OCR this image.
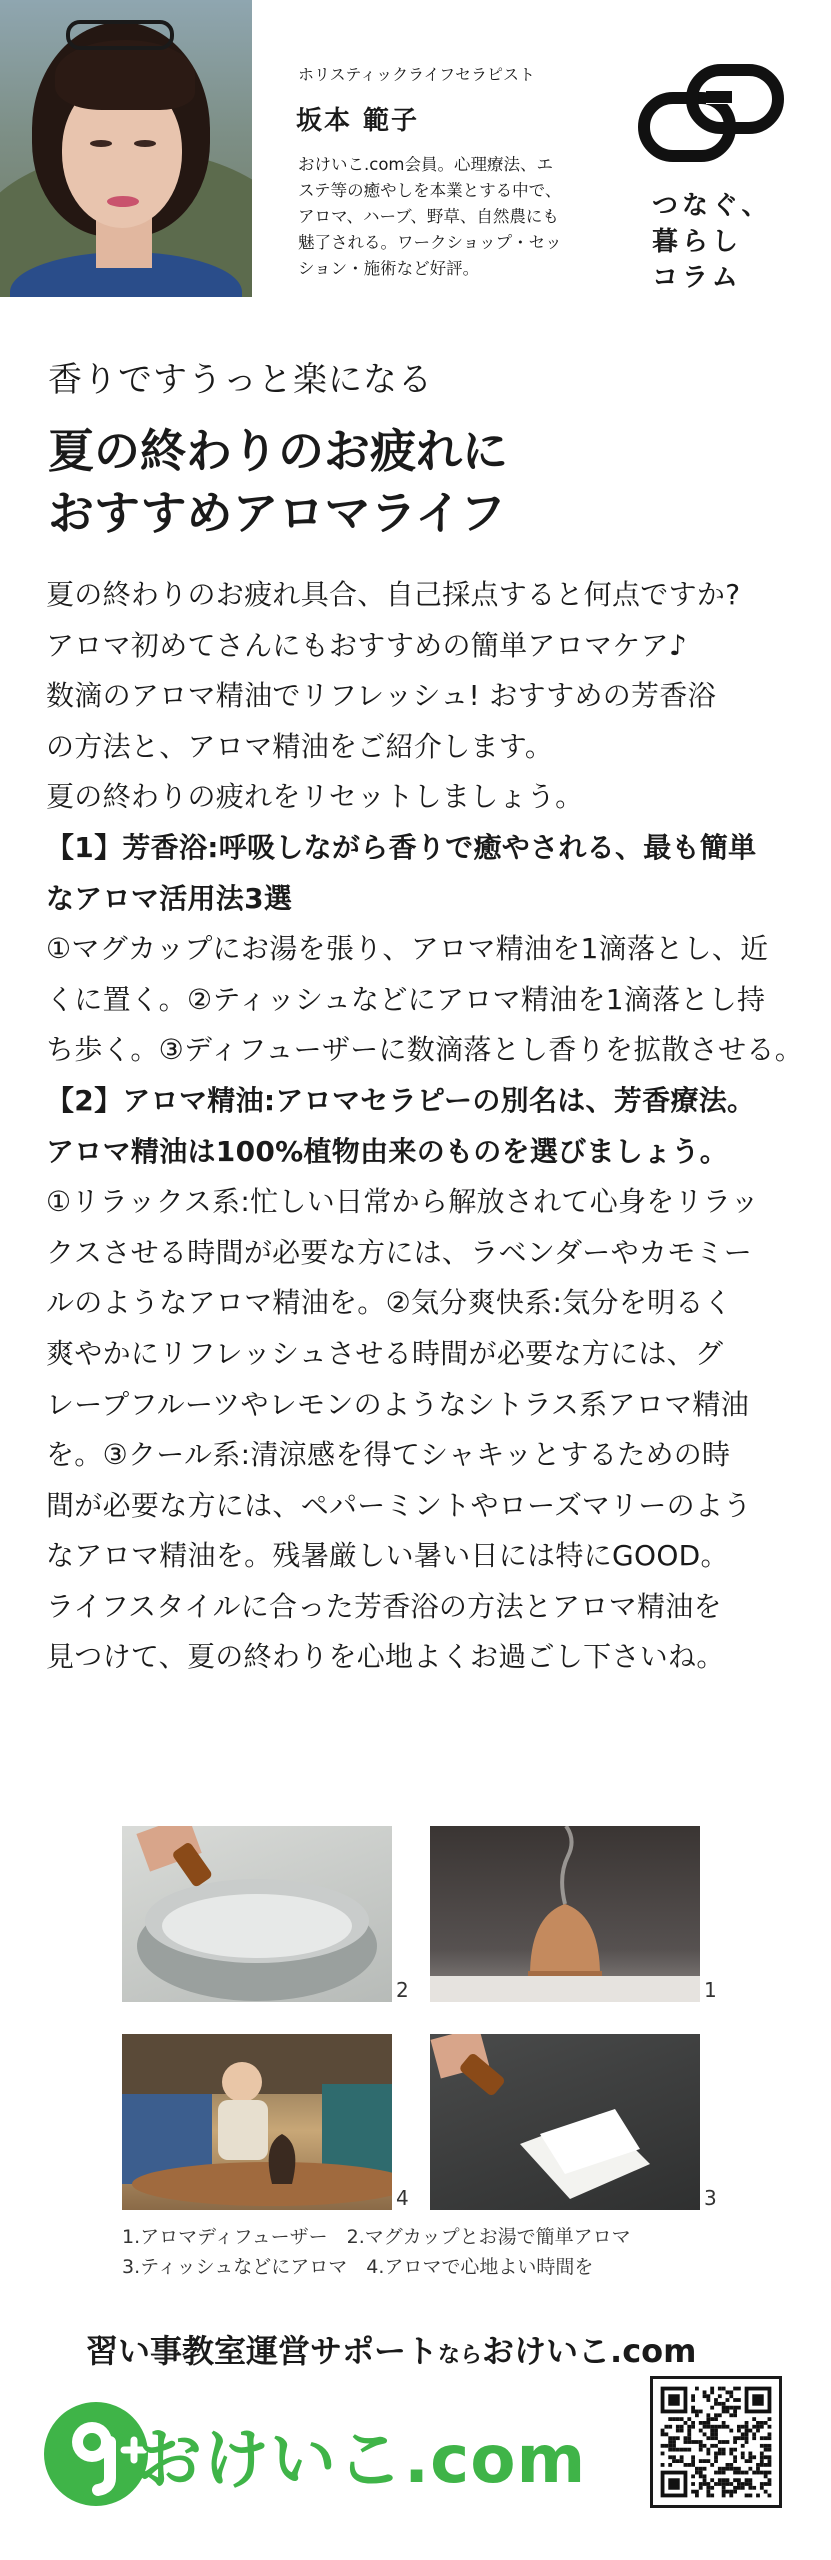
ホリスティックライフセラピスト
坂本 範子
おけいこ.com会員。心理療法、エ
ステ等の癒やしを本業とする中で、
アロマ、ハーブ、野草、自然農にも
魅了される。ワークショップ・セッ
ション・施術など好評。
つなぐ、
暮らし
コラム
香りですうっと楽になる
夏の終わりのお疲れに
おすすめアロマライフ

夏の終わりのお疲れ具合、自己採点すると何点ですか?

アロマ初めてさんにもおすすめの簡単アロマケア♪

数滴のアロマ精油でリフレッシュ! おすすめの芳香浴

の方法と、アロマ精油をご紹介します。

夏の終わりの疲れをリセットしましょう。

【1】芳香浴:呼吸しながら香りで癒やされる、最も簡単

なアロマ活用法3選

①マグカップにお湯を張り、アロマ精油を1滴落とし、近

くに置く。②ティッシュなどにアロマ精油を1滴落とし持

ち歩く。③ディフューザーに数滴落とし香りを拡散させる。

【2】アロマ精油:アロマセラピーの別名は、芳香療法。

アロマ精油は100%植物由来のものを選びましょう。

①リラックス系:忙しい日常から解放されて心身をリラッ

クスさせる時間が必要な方には、ラベンダーやカモミー

ルのようなアロマ精油を。②気分爽快系:気分を明るく

爽やかにリフレッシュさせる時間が必要な方には、グ

レープフルーツやレモンのようなシトラス系アロマ精油

を。③クール系:清涼感を得てシャキッとするための時

間が必要な方には、ペパーミントやローズマリーのよう

なアロマ精油を。残暑厳しい暑い日には特にGOOD。

ライフスタイルに合った芳香浴の方法とアロマ精油を

見つけて、夏の終わりを心地よくお過ごし下さいね。

2	1
4	3
1.アロマディフューザー　2.マグカップとお湯で簡単アロマ
3.ティッシュなどにアロマ　4.アロマで心地よい時間を
習い事教室運営サポートならおけいこ.com
おけいこ.com
